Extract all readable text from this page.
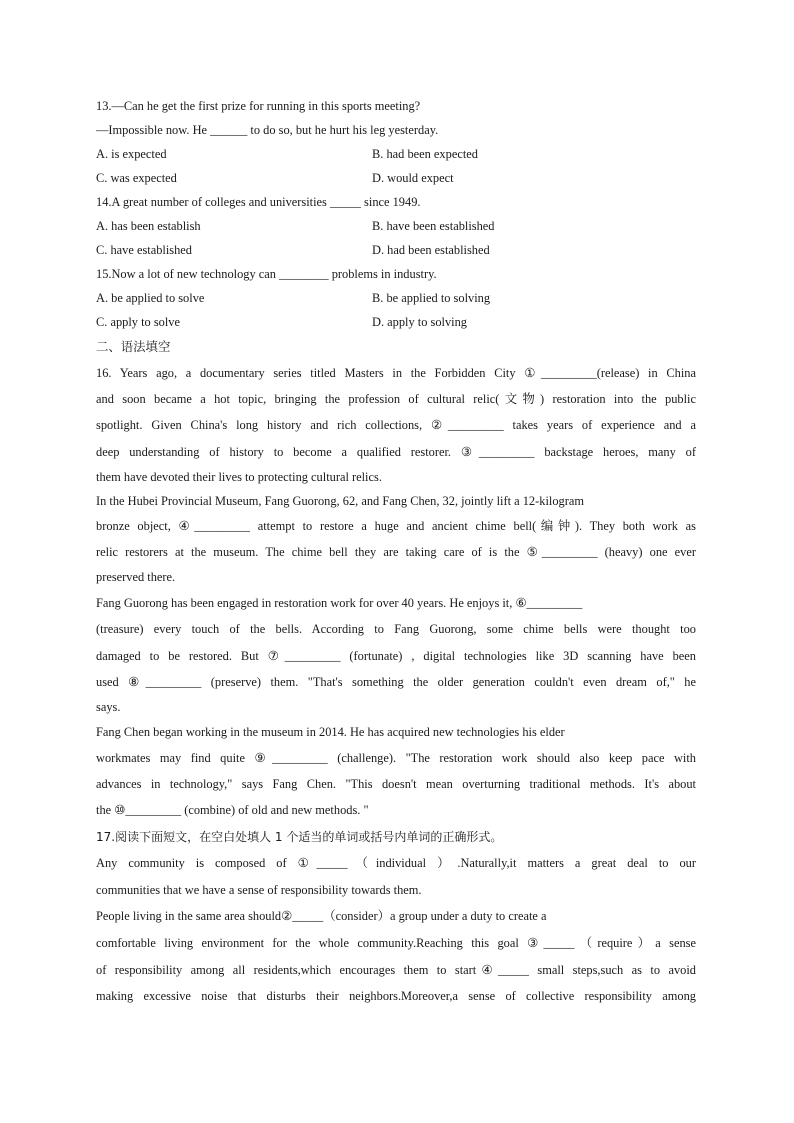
13.—Can he get the first prize for running in this sports meeting?
—Impossible now. He ______ to do so, but he hurt his leg yesterday.
A. is expected	B. had been expected
C. was expected	D. would expect
14.A great number of colleges and universities _____ since 1949.
A. has been establish	B. have been established
C. have established	D. had been established
15.Now a lot of new technology can ________ problems in industry.
A. be applied to solve	B. be applied to solving
C. apply to solve	D. apply to solving
二、语法填空
16. Years ago, a documentary series titled Masters in the Forbidden City ①_________(release) in China
and soon became a hot topic, bringing the profession of cultural relic(文物) restoration into the public
spotlight. Given China's long history and rich collections, ②_________ takes years of experience and a
deep understanding of history to become a qualified restorer. ③_________ backstage heroes, many of
them have devoted their lives to protecting cultural relics.
In the Hubei Provincial Museum, Fang Guorong, 62, and Fang Chen, 32, jointly lift a 12-kilogram
bronze object, ④_________ attempt to restore a huge and ancient chime bell(编钟). They both work as
relic restorers at the museum. The chime bell they are taking care of is the ⑤_________ (heavy) one ever
preserved there.
Fang Guorong has been engaged in restoration work for over 40 years. He enjoys it, ⑥_________
(treasure) every touch of the bells. According to Fang Guorong, some chime bells were thought too
damaged to be restored. But ⑦_________ (fortunate) , digital technologies like 3D scanning have been
used ⑧_________ (preserve) them. "That's something the older generation couldn't even dream of," he
says.
Fang Chen began working in the museum in 2014. He has acquired new technologies his elder
workmates may find quite ⑨_________ (challenge). "The restoration work should also keep pace with
advances in technology," says Fang Chen. "This doesn't mean overturning traditional methods. It's about
the ⑩_________ (combine) of old and new methods. "
17.阅读下面短文，在空白处填人 1 个适当的单词或括号内单词的正确形式。
Any community is composed of ①_____（individual ）.Naturally,it matters a great deal to our
communities that we have a sense of responsibility towards them.
People living in the same area should②_____（consider）a group under a duty to create a
comfortable living environment for the whole community.Reaching this goal ③_____（require）a sense
of responsibility among all residents,which encourages them to start④_____ small steps,such as to avoid
making excessive noise that disturbs their neighbors.Moreover,a sense of collective responsibility among
